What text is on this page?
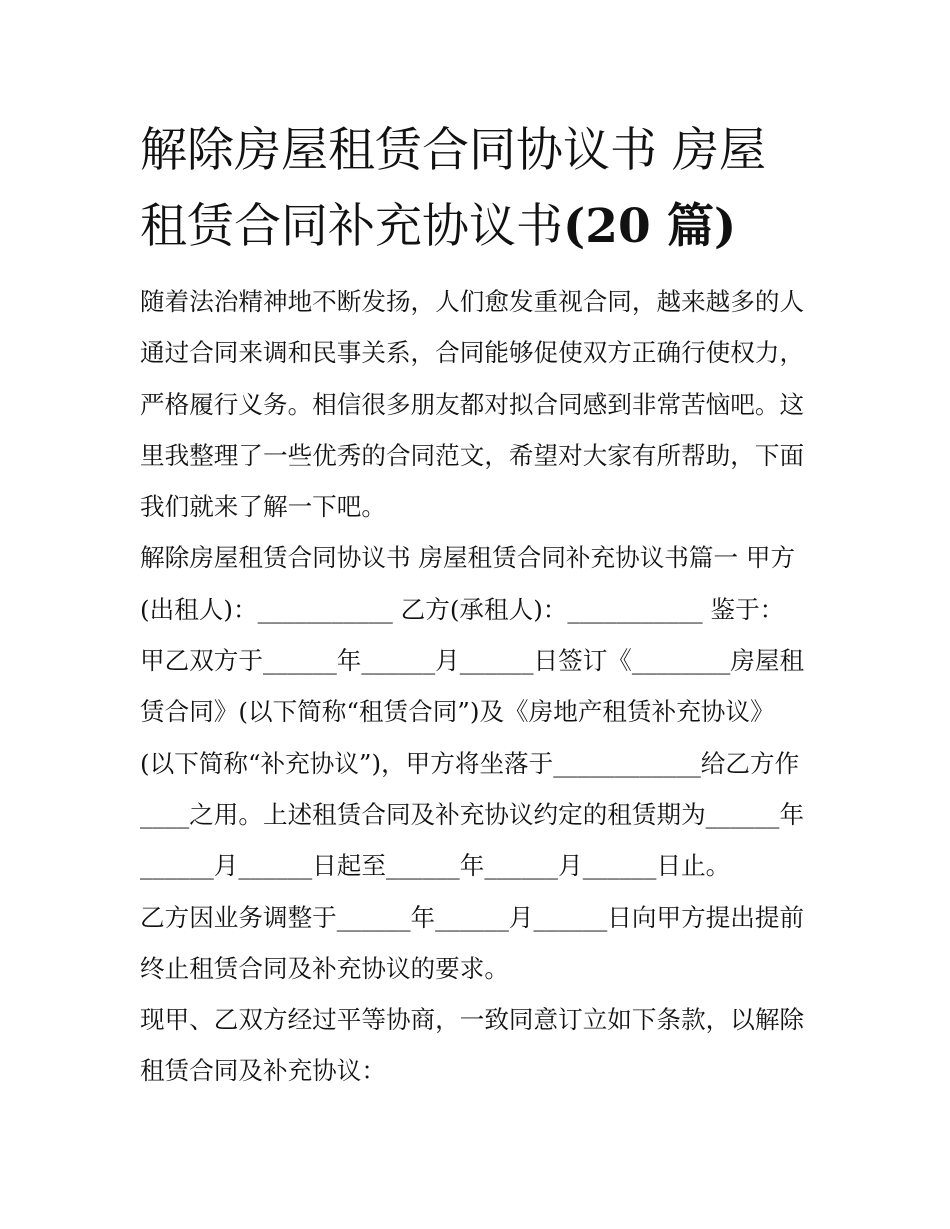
解除房屋租赁合同协议书 房屋
租赁合同补充协议书(20 篇)
随着法治精神地不断发扬，人们愈发重视合同，越来越多的人
通过合同来调和民事关系，合同能够促使双方正确行使权力，
严格履行义务。相信很多朋友都对拟合同感到非常苦恼吧。这
里我整理了一些优秀的合同范文，希望对大家有所帮助，下面
我们就来了解一下吧。
解除房屋租赁合同协议书 房屋租赁合同补充协议书篇一 甲方
(出租人)：___________ 乙方(承租人)：___________ 鉴于：
甲乙双方于______年______月______日签订《________房屋租
赁合同》(以下简称“租赁合同”)及《房地产租赁补充协议》
(以下简称“补充协议”)，甲方将坐落于____________给乙方作
____之用。上述租赁合同及补充协议约定的租赁期为______年
______月______日起至______年______月______日止。
乙方因业务调整于______年______月______日向甲方提出提前
终止租赁合同及补充协议的要求。
现甲、乙双方经过平等协商，一致同意订立如下条款，以解除
租赁合同及补充协议：
